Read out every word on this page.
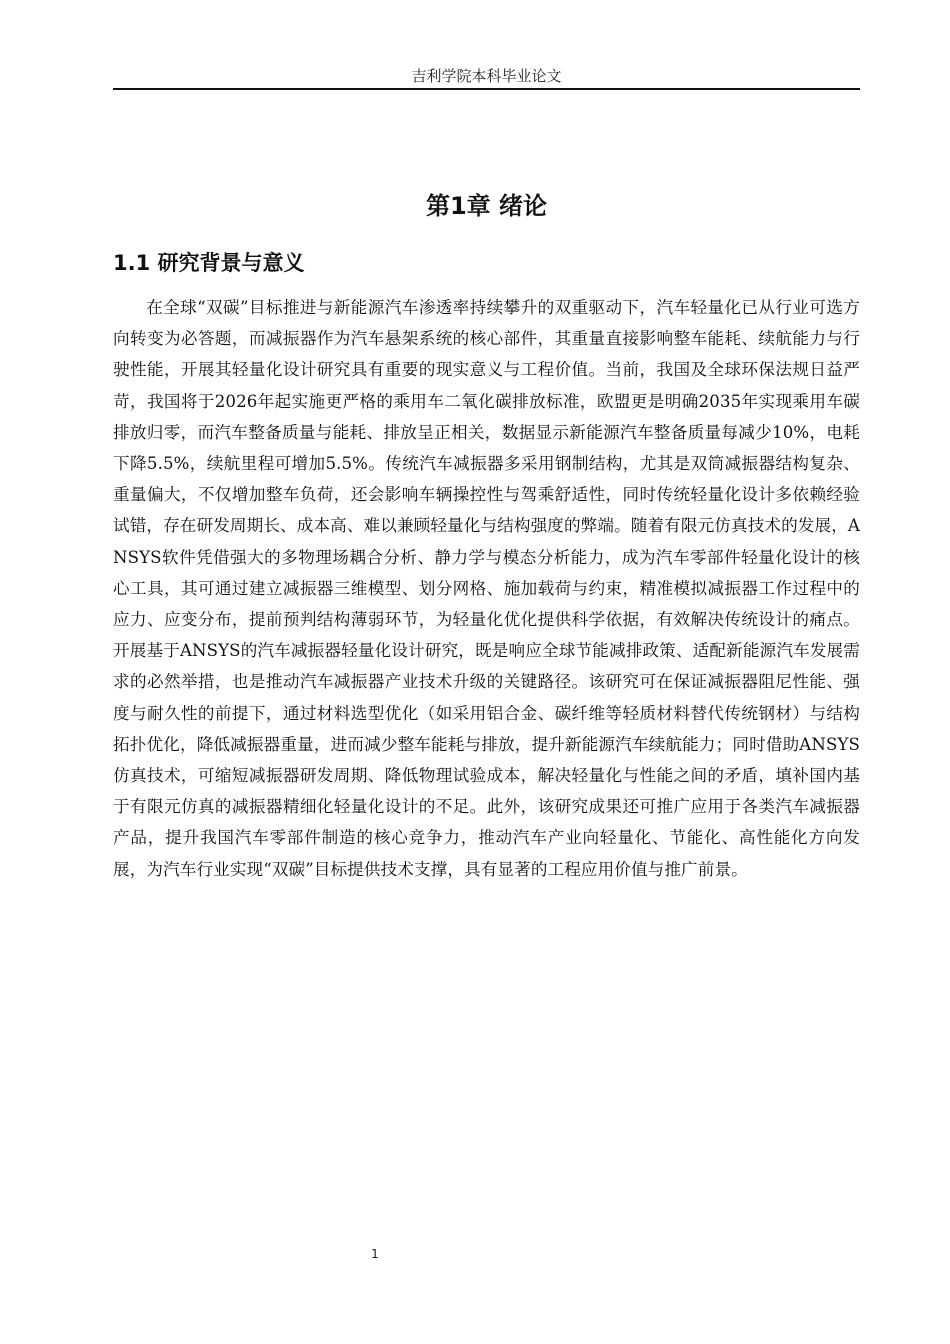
吉利学院本科毕业论文
第1章 绪论
1.1 研究背景与意义

在全球“双碳”目标推进与新能源汽车渗透率持续攀升的双重驱动下，汽车轻量化已从行业可选方向转变为必答题，而减振器作为汽车悬架系统的核心部件，其重量直接影响整车能耗、续航能力与行驶性能，开展其轻量化设计研究具有重要的现实意义与工程价值。当前，我国及全球环保法规日益严苛，我国将于2026年起实施更严格的乘用车二氧化碳排放标准，欧盟更是明确2035年实现乘用车碳排放归零，而汽车整备质量与能耗、排放呈正相关，数据显示新能源汽车整备质量每减少10%，电耗下降5.5%，续航里程可增加5.5%。传统汽车减振器多采用钢制结构，尤其是双筒减振器结构复杂、重量偏大，不仅增加整车负荷，还会影响车辆操控性与驾乘舒适性，同时传统轻量化设计多依赖经验试错，存在研发周期长、成本高、难以兼顾轻量化与结构强度的弊端。随着有限元仿真技术的发展，ANSYS软件凭借强大的多物理场耦合分析、静力学与模态分析能力，成为汽车零部件轻量化设计的核心工具，其可通过建立减振器三维模型、划分网格、施加载荷与约束，精准模拟减振器工作过程中的应力、应变分布，提前预判结构薄弱环节，为轻量化优化提供科学依据，有效解决传统设计的痛点。开展基于ANSYS的汽车减振器轻量化设计研究，既是响应全球节能减排政策、适配新能源汽车发展需求的必然举措，也是推动汽车减振器产业技术升级的关键路径。该研究可在保证减振器阻尼性能、强度与耐久性的前提下，通过材料选型优化（如采用铝合金、碳纤维等轻质材料替代传统钢材）与结构拓扑优化，降低减振器重量，进而减少整车能耗与排放，提升新能源汽车续航能力；同时借助ANSYS仿真技术，可缩短减振器研发周期、降低物理试验成本，解决轻量化与性能之间的矛盾，填补国内基于有限元仿真的减振器精细化轻量化设计的不足。此外，该研究成果还可推广应用于各类汽车减振器产品，提升我国汽车零部件制造的核心竞争力，推动汽车产业向轻量化、节能化、高性能化方向发展，为汽车行业实现“双碳”目标提供技术支撑，具有显著的工程应用价值与推广前景。

1
